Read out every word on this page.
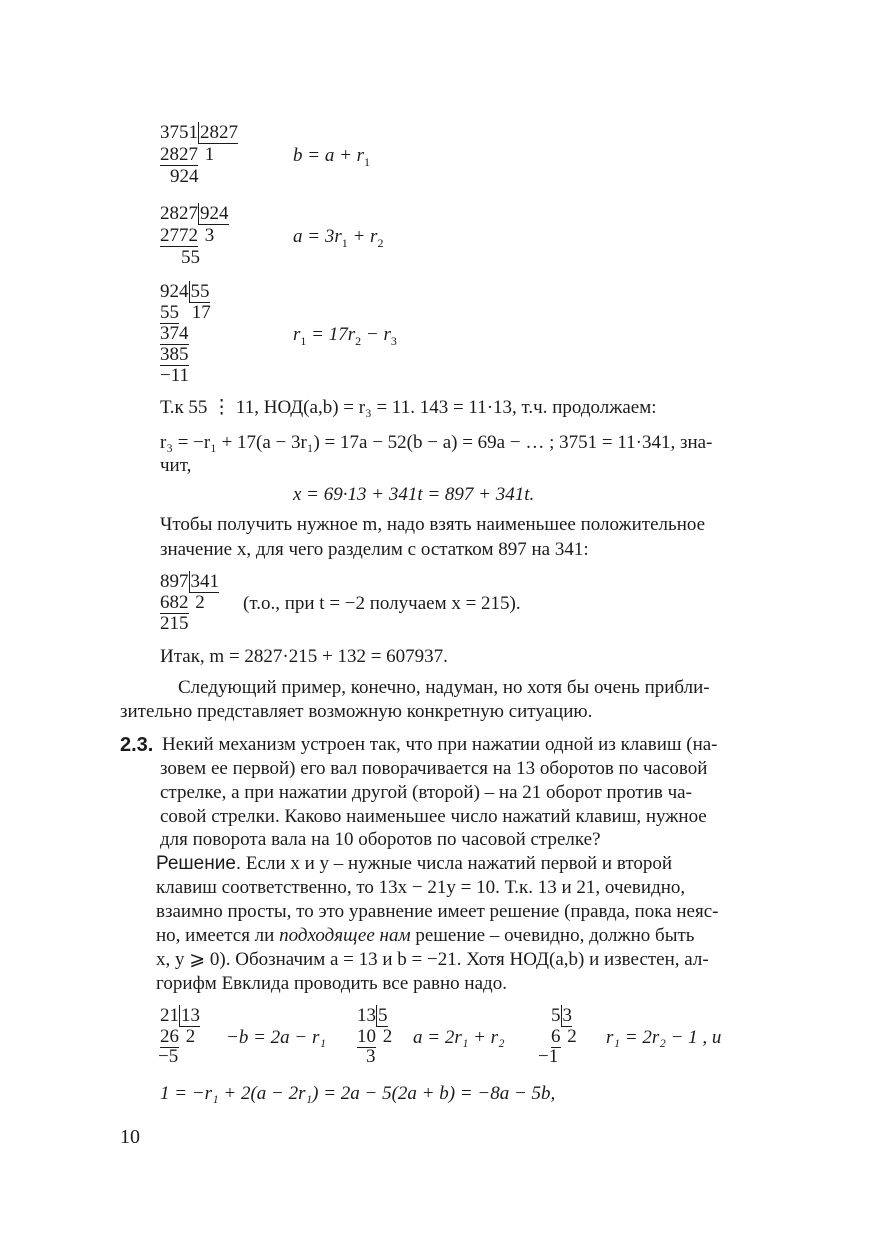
3751 2827
2827 1
924
$b = a + r_1$
2827 924
2772 3
55
$a = 3r_1 + r_2$
924 55
55 17
374
385
−11
$r_1 = 17r_2 - r_3$
Т.к 55 ⋮ 11, НОД(a,b) = r₃ = 11. 143 = 11·13, т.ч. продолжаем:
r₃ = −r₁ + 17(a − 3r₁) = 17a − 52(b − a) = 69a − … ; 3751 = 11·341, зна-
чит,
x = 69·13 + 341t = 897 + 341t.
Чтобы получить нужное m, надо взять наименьшее положительное
значение x, для чего разделим с остатком 897 на 341:
897 341
682 2
215
(т.о., при t = −2 получаем x = 215).
Итак, m = 2827·215 + 132 = 607937.
Следующий пример, конечно, надуман, но хотя бы очень прибли-
зительно представляет возможную конкретную ситуацию.
2.3. Некий механизм устроен так, что при нажатии одной из клавиш (на-
зовем ее первой) его вал поворачивается на 13 оборотов по часовой
стрелке, а при нажатии другой (второй) – на 21 оборот против ча-
совой стрелки. Каково наименьшее число нажатий клавиш, нужное
для поворота вала на 10 оборотов по часовой стрелке?
Решение. Если x и y – нужные числа нажатий первой и второй
клавиш соответственно, то 13x − 21y = 10. Т.к. 13 и 21, очевидно,
взаимно просты, то это уравнение имеет решение (правда, пока неяс-
но, имеется ли подходящее нам решение – очевидно, должно быть
x, y ⩾ 0). Обозначим a = 13 и b = −21. Хотя НОД(a,b) и известен, ал-
горифм Евклида проводить все равно надо.
21 13
26 2
−5
−b = 2a − r₁
13 5
10 2
3
a = 2r₁ + r₂
5 3
6 2
−1
r₁ = 2r₂ − 1 , и
1 = −r₁ + 2(a − 2r₁) = 2a − 5(2a + b) = −8a − 5b,
10
